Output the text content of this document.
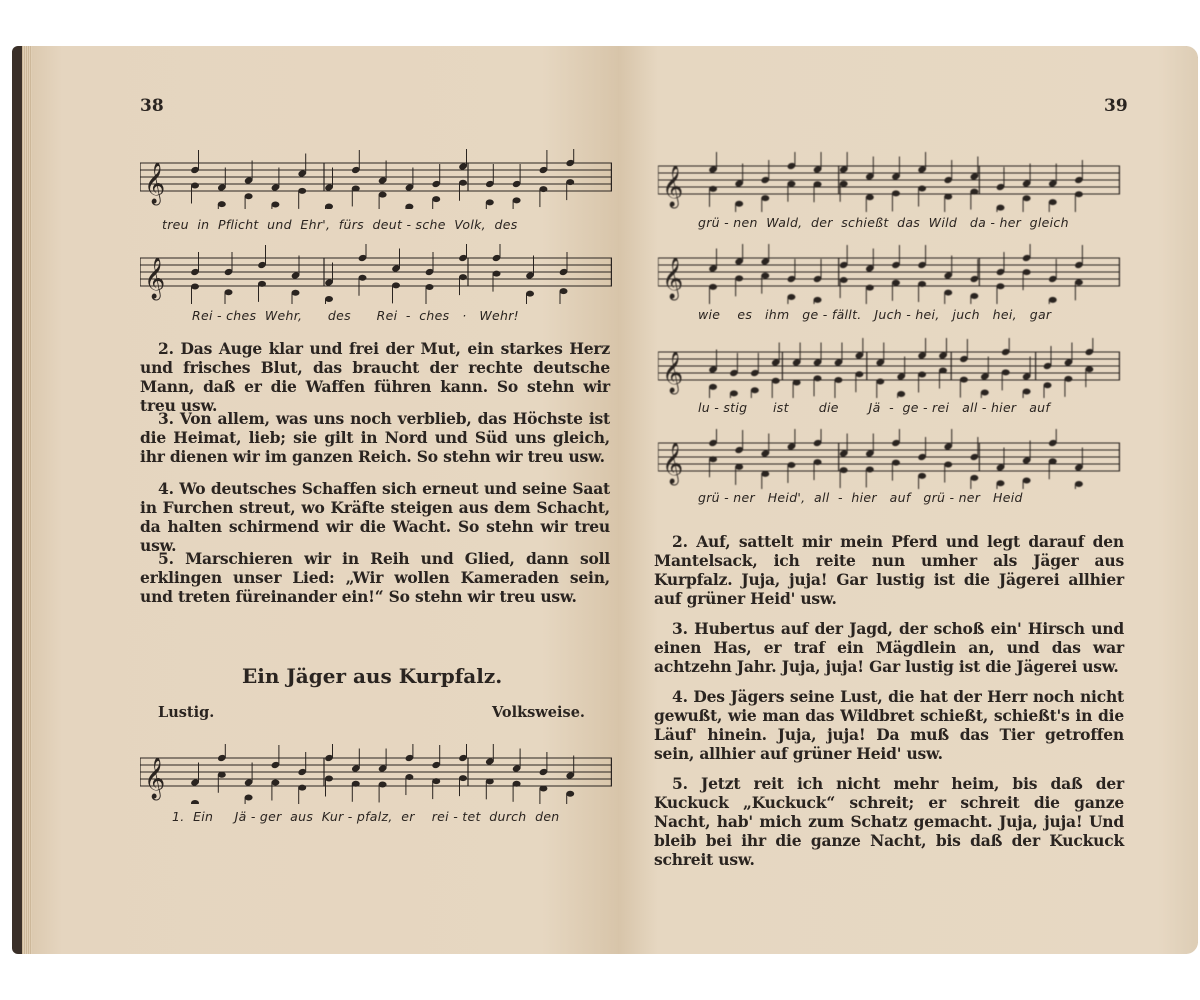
38
𝄞
treu  in  Pflicht  und  Ehr',  fürs  deut - sche  Volk,  des
𝄞
Rei - ches  Wehr,      des      Rei  -  ches   ·   Wehr!
2. Das Auge klar und frei der Mut, ein starkes Herz und frisches Blut, das braucht der rechte deutsche Mann, daß er die Waffen führen kann. So stehn wir treu usw.
3. Von allem, was uns noch verblieb, das Höchste ist die Heimat, lieb; sie gilt in Nord und Süd uns gleich, ihr dienen wir im ganzen Reich. So stehn wir treu usw.
4. Wo deutsches Schaffen sich erneut und seine Saat in Furchen streut, wo Kräfte steigen aus dem Schacht, da halten schirmend wir die Wacht. So stehn wir treu usw.
5. Marschieren wir in Reih und Glied, dann soll erklingen unser Lied: „Wir wollen Kameraden sein, und treten füreinander ein!“ So stehn wir treu usw.
Ein Jäger aus Kurpfalz.
Lustig.	Volksweise.
𝄞
1.  Ein     Jä - ger  aus  Kur - pfalz,  er    rei - tet  durch  den
39
𝄞
grü - nen  Wald,  der  schießt  das  Wild   da - her  gleich
𝄞
wie    es   ihm   ge - fällt.   Juch - hei,   juch   hei,   gar
𝄞
lu - stig      ist       die       Jä  -  ge - rei   all - hier   auf
𝄞
grü - ner   Heid',  all  -  hier   auf   grü - ner   Heid
2. Auf, sattelt mir mein Pferd und legt darauf den Mantelsack, ich reite nun umher als Jäger aus Kurpfalz. Juja, juja! Gar lustig ist die Jägerei allhier auf grüner Heid' usw.
3. Hubertus auf der Jagd, der schoß ein' Hirsch und einen Has, er traf ein Mägdlein an, und das war achtzehn Jahr. Juja, juja! Gar lustig ist die Jägerei usw.
4. Des Jägers seine Lust, die hat der Herr noch nicht gewußt, wie man das Wildbret schießt, schießt's in die Läuf' hinein. Juja, juja! Da muß das Tier getroffen sein, allhier auf grüner Heid' usw.
5. Jetzt reit ich nicht mehr heim, bis daß der Kuckuck „Kuckuck“ schreit; er schreit die ganze Nacht, hab' mich zum Schatz gemacht. Juja, juja! Und bleib bei ihr die ganze Nacht, bis daß der Kuckuck schreit usw.
